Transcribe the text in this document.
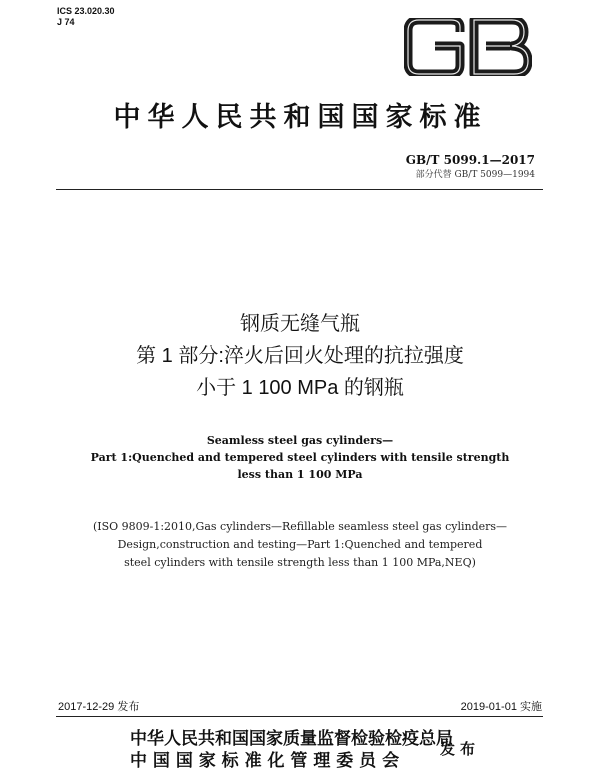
ICS 23.020.30
J 74
中华人民共和国国家标准
GB/T 5099.1—2017
部分代替 GB/T 5099—1994
钢质无缝气瓶
第 1 部分:淬火后回火处理的抗拉强度
小于 1 100 MPa 的钢瓶
Seamless steel gas cylinders—
Part 1:Quenched and tempered steel cylinders with tensile strength
less than 1 100 MPa
(ISO 9809-1:2010,Gas cylinders—Refillable seamless steel gas cylinders—
Design,construction and testing—Part 1:Quenched and tempered
steel cylinders with tensile strength less than 1 100 MPa,NEQ)
2017-12-29 发布	2019-01-01 实施
中华人民共和国国家质量监督检验检疫总局
中 国 国 家 标 准 化 管 理 委 员 会
发布
